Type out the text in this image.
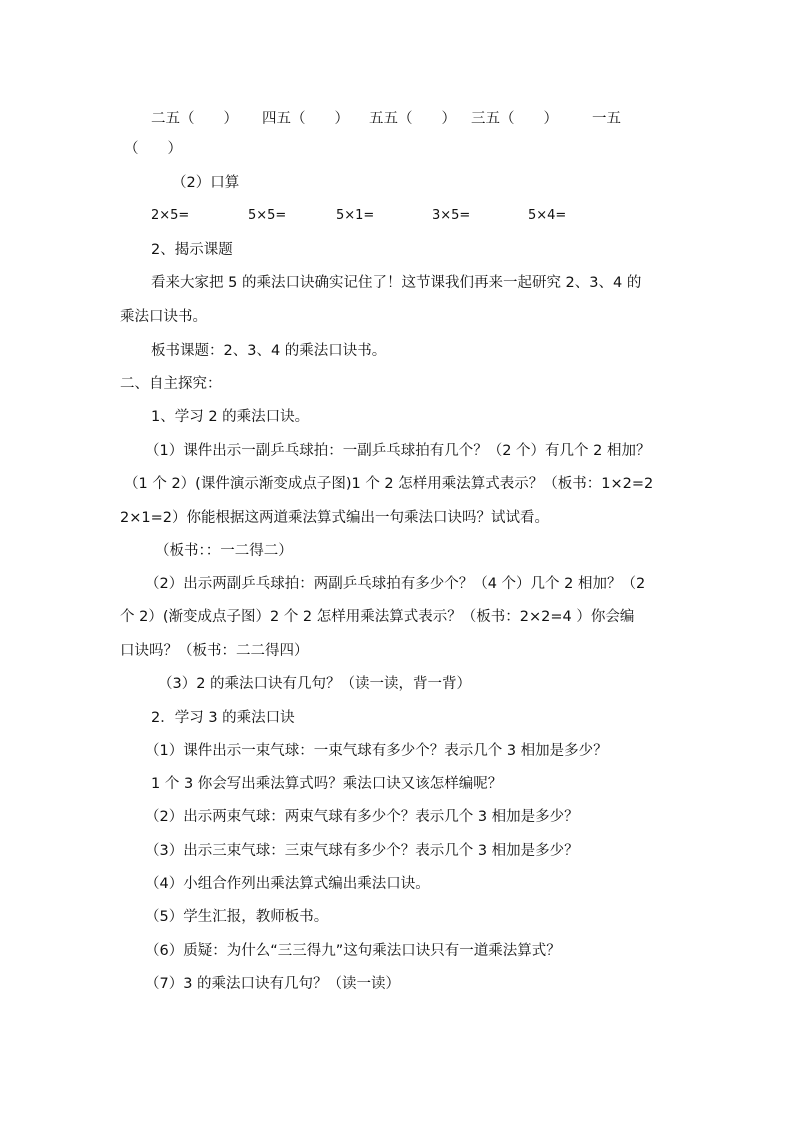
二五（　　） 四五（　　） 五五（　　） 三五（　　） 一五
（　　）
（2）口算
2×5=	5×5=	5×1=	3×5=	5×4=
2、揭示课题
看来大家把 5 的乘法口诀确实记住了！这节课我们再来一起研究 2、3、4 的
乘法口诀书。
板书课题：2、3、4 的乘法口诀书。
二、自主探究：
1、学习 2 的乘法口诀。
（1）课件出示一副乒乓球拍：一副乒乓球拍有几个？（2 个）有几个 2 相加？
（1 个 2）(课件演示渐变成点子图)1 个 2 怎样用乘法算式表示？（板书：1×2=2
2×1=2）你能根据这两道乘法算式编出一句乘法口诀吗？试试看。
（板书：：一二得二）
（2）出示两副乒乓球拍：两副乒乓球拍有多少个？（4 个）几个 2 相加？（2
个 2）(渐变成点子图）2 个 2 怎样用乘法算式表示？（板书：2×2=4 ）你会编
口诀吗？（板书：二二得四）
（3）2 的乘法口诀有几句？（读一读，背一背）
2．学习 3 的乘法口诀
（1）课件出示一束气球：一束气球有多少个？表示几个 3 相加是多少？
1 个 3 你会写出乘法算式吗？乘法口诀又该怎样编呢？
（2）出示两束气球：两束气球有多少个？表示几个 3 相加是多少？
（3）出示三束气球：三束气球有多少个？表示几个 3 相加是多少？
（4）小组合作列出乘法算式编出乘法口诀。
（5）学生汇报，教师板书。
（6）质疑：为什么“三三得九”这句乘法口诀只有一道乘法算式？
（7）3 的乘法口诀有几句？（读一读）
